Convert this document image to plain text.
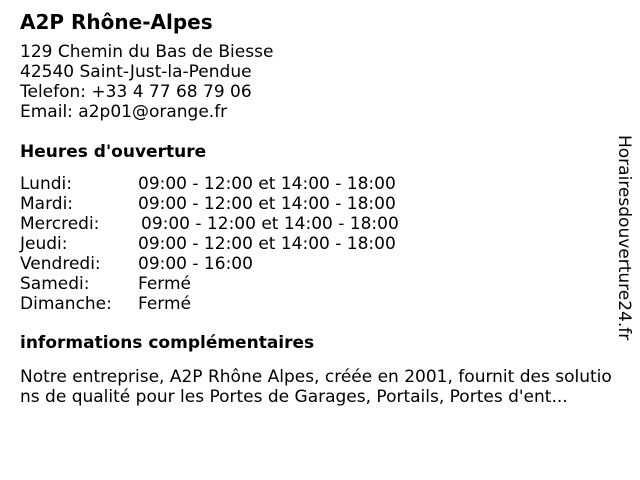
A2P Rhône-Alpes

129 Chemin du Bas de Biesse

42540 Saint-Just-la-Pendue

Telefon: +33 4 77 68 79 06

Email: a2p01@orange.fr

Heures d'ouverture
Lundi:	09:00 - 12:00 et 14:00 - 18:00
Mardi:	09:00 - 12:00 et 14:00 - 18:00
Mercredi:	09:00 - 12:00 et 14:00 - 18:00
Jeudi:	09:00 - 12:00 et 14:00 - 18:00
Vendredi:	09:00 - 16:00
Samedi:	Fermé
Dimanche:	Fermé
informations complémentaires

Notre entreprise, A2P Rhône Alpes, créée en 2001, fournit des solutions de qualité pour les Portes de Garages, Portails, Portes d'ent...

Horairesdouverture24.fr
